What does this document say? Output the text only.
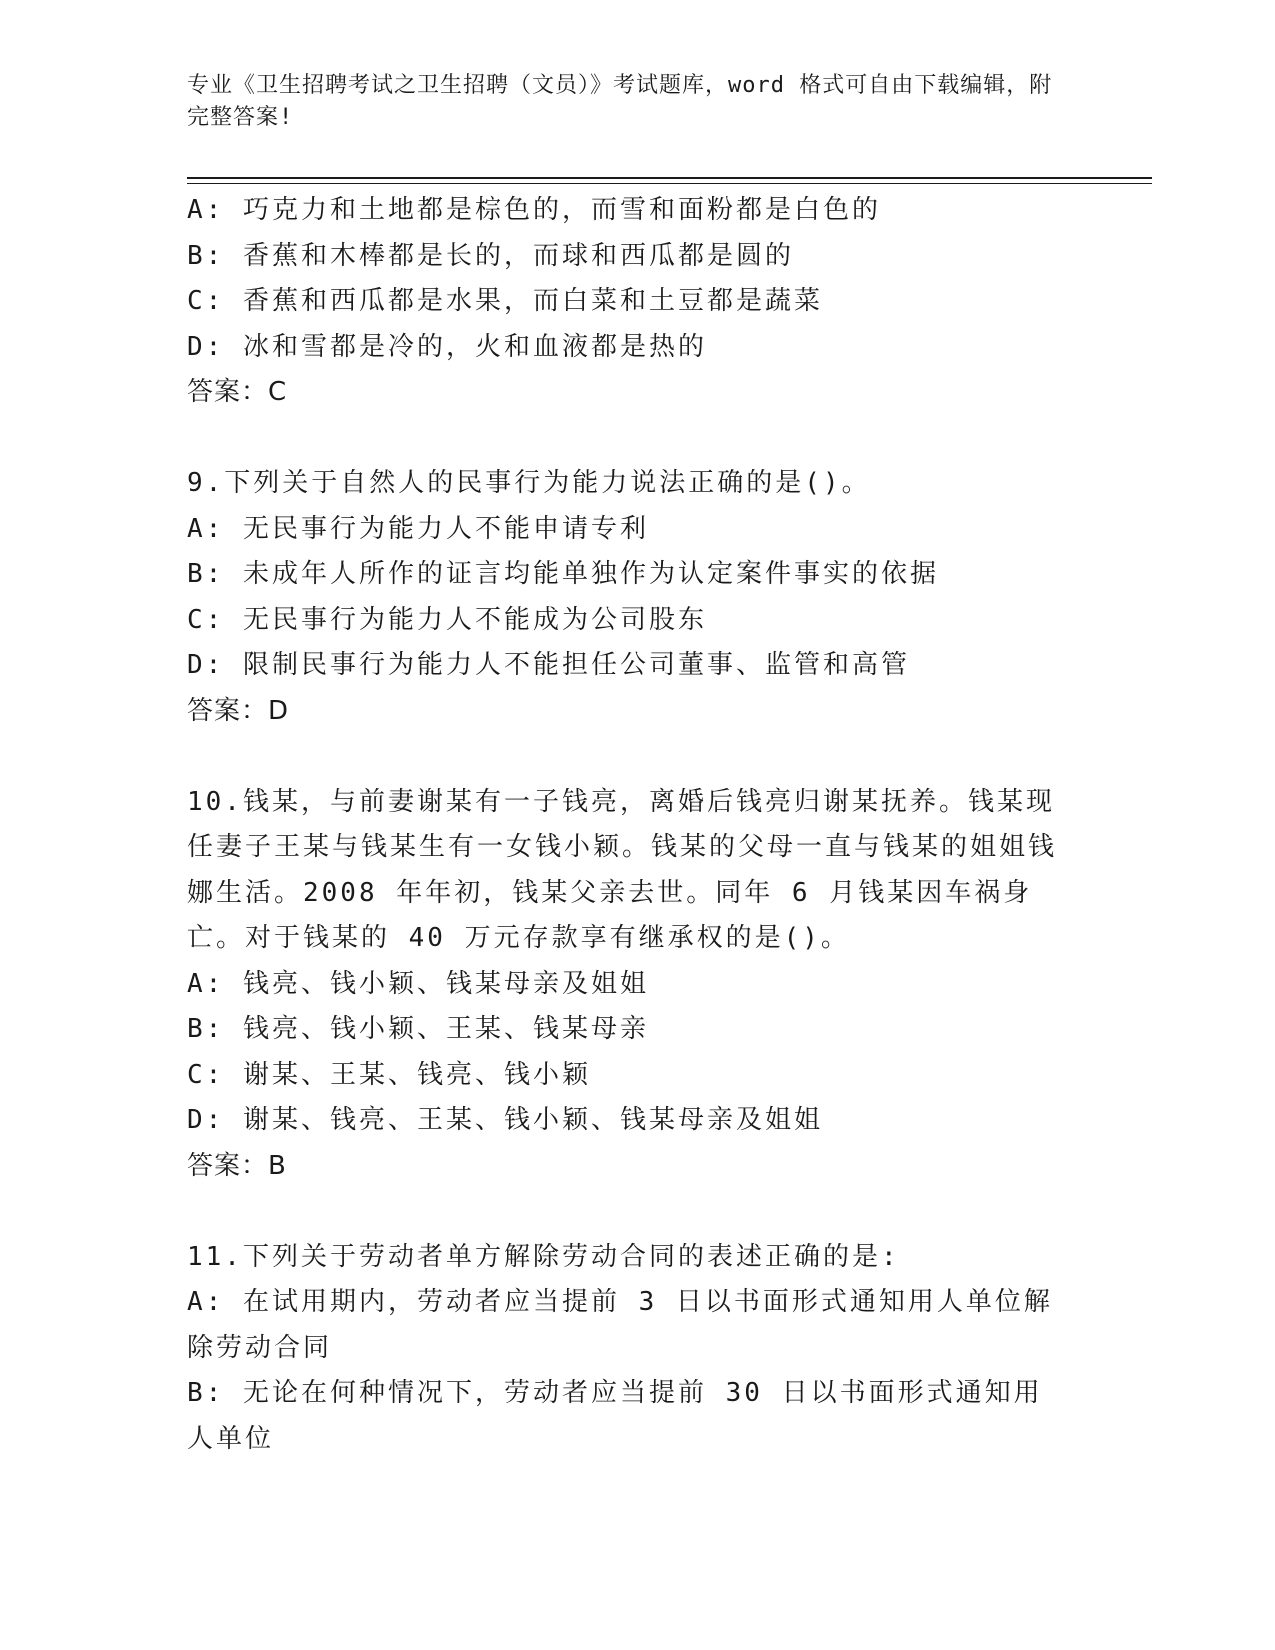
专业《卫生招聘考试之卫生招聘（文员）》考试题库，word 格式可自由下载编辑，附完整答案!
A: 巧克力和土地都是棕色的，而雪和面粉都是白色的
B: 香蕉和木棒都是长的，而球和西瓜都是圆的
C: 香蕉和西瓜都是水果，而白菜和土豆都是蔬菜
D: 冰和雪都是冷的，火和血液都是热的
答案：C
9.下列关于自然人的民事行为能力说法正确的是()。
A: 无民事行为能力人不能申请专利
B: 未成年人所作的证言均能单独作为认定案件事实的依据
C: 无民事行为能力人不能成为公司股东
D: 限制民事行为能力人不能担任公司董事、监管和高管
答案：D
10.钱某，与前妻谢某有一子钱亮，离婚后钱亮归谢某抚养。钱某现任妻子王某与钱某生有一女钱小颖。钱某的父母一直与钱某的姐姐钱娜生活。2008 年年初，钱某父亲去世。同年 6 月钱某因车祸身亡。对于钱某的 40 万元存款享有继承权的是()。
A: 钱亮、钱小颖、钱某母亲及姐姐
B: 钱亮、钱小颖、王某、钱某母亲
C: 谢某、王某、钱亮、钱小颖
D: 谢某、钱亮、王某、钱小颖、钱某母亲及姐姐
答案：B
11.下列关于劳动者单方解除劳动合同的表述正确的是:
A: 在试用期内，劳动者应当提前 3 日以书面形式通知用人单位解除劳动合同
B: 无论在何种情况下，劳动者应当提前 30 日以书面形式通知用人单位
